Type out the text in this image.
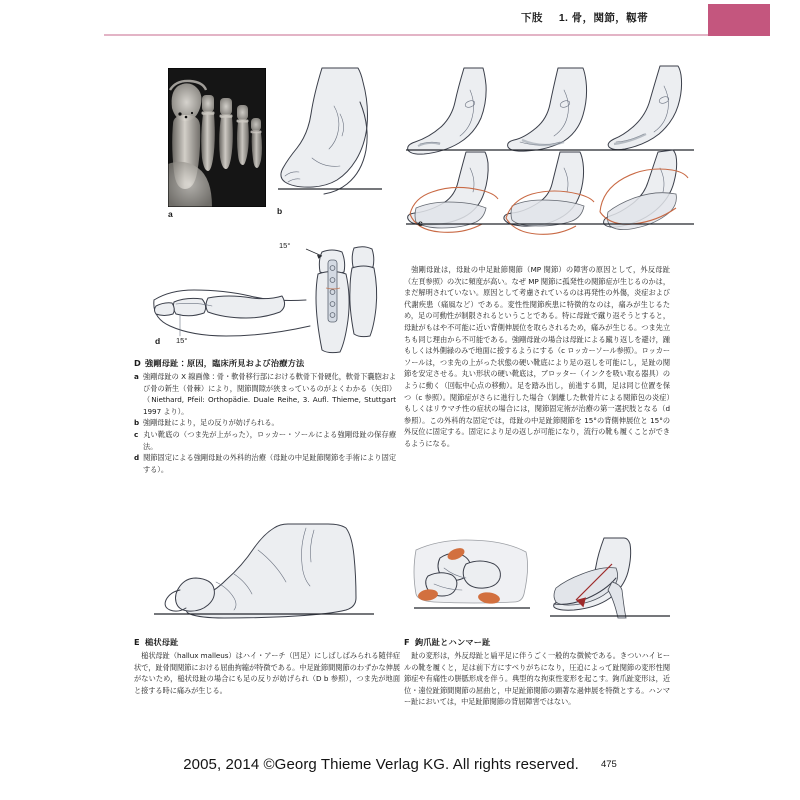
下肢 1. 骨，関節，靱帯
a	b
c
15°
d
15°

D 強剛母趾：原因，臨床所見および治療方法

a 強剛母趾の X 線画像：骨・軟骨移行部における軟骨下骨硬化，軟骨下嚢胞および骨の新生（骨棘）により，関節間隙が狭まっているのがよくわかる（矢印）（Niethard, Pfeil: Orthopädie. Duale Reihe, 3. Aufl. Thieme, Stuttgart 1997 より）。
b 強剛母趾により，足の反りが妨げられる。
c 丸い靴底の（つま先が上がった），ロッカー・ソールによる強剛母趾の保存療法。
d 関節固定による強剛母趾の外科的治療（母趾の中足趾節関節を手術により固定する）。

強剛母趾は，母趾の中足趾節関節（MP 関節）の障害の原因として，外反母趾（左頁参照）の次に頻度が高い。なぜ MP 関節に孤発性の関節症が生じるのかは，まだ解明されていない。原因として考慮されているのは再発性の外傷，炎症および代謝疾患（痛風など）である。変性性関節疾患に特徴的なのは，痛みが生じるため，足の可動性が制限されるということである。特に母趾で蹴り返そうとすると，母趾がもはや不可能に近い背側伸展位を取らされるため，痛みが生じる。つま先立ちも同じ理由から不可能である。強剛母趾の場合は母趾による蹴り返しを避け，踵もしくは外側縁のみで地面に接するようにする（c ロッカーソール参照）。ロッカーソールは，つま先の上がった状態の硬い靴底により足の返しを可能にし，足趾の関節を安定させる。丸い形状の硬い靴底は，ブロッター（インクを吸い取る器具）のように動く（回転中心点の移動）。足を踏み出し，前進する間，足は同じ位置を保つ（c 参照）。関節症がさらに進行した場合（剝離した軟骨片による関節包の炎症）もしくはリウマチ性の症状の場合には，関節固定術が治療の第一選択肢となる（d 参照）。この外科的な固定では，母趾の中足趾節関節を 15°の背側伸展位と 15°の外反位に固定する。固定により足の返しが可能になり，流行の靴も履くことができるようになる。

E 槌状母趾

槌状母趾（hallux malleus）はハイ・アーチ（凹足）にしばしばみられる随伴症状で，趾骨間関節における屈曲拘縮が特徴である。中足趾節間関節のわずかな伸展がないため，槌状母趾の場合にも足の反りが妨げられ（D b 参照），つま先が地面と接する時に痛みが生じる。

F 鉤爪趾とハンマー趾

趾の変形は，外反母趾と扁平足に伴うごく一般的な徴候である。きついハイヒールの靴を履くと，足は前下方にすべりがちになり，圧迫によって趾関節の変形性関節症や有痛性の胼胝形成を伴う。典型的な拘束性変形を起こす。鉤爪趾変形は，近位・遠位趾節間関節の屈曲と，中足趾節関節の顕著な過伸展を特徴とする。ハンマー趾においては，中足趾節関節の背屈障害ではない。

2005, 2014 ©Georg Thieme Verlag KG. All rights reserved. 475
